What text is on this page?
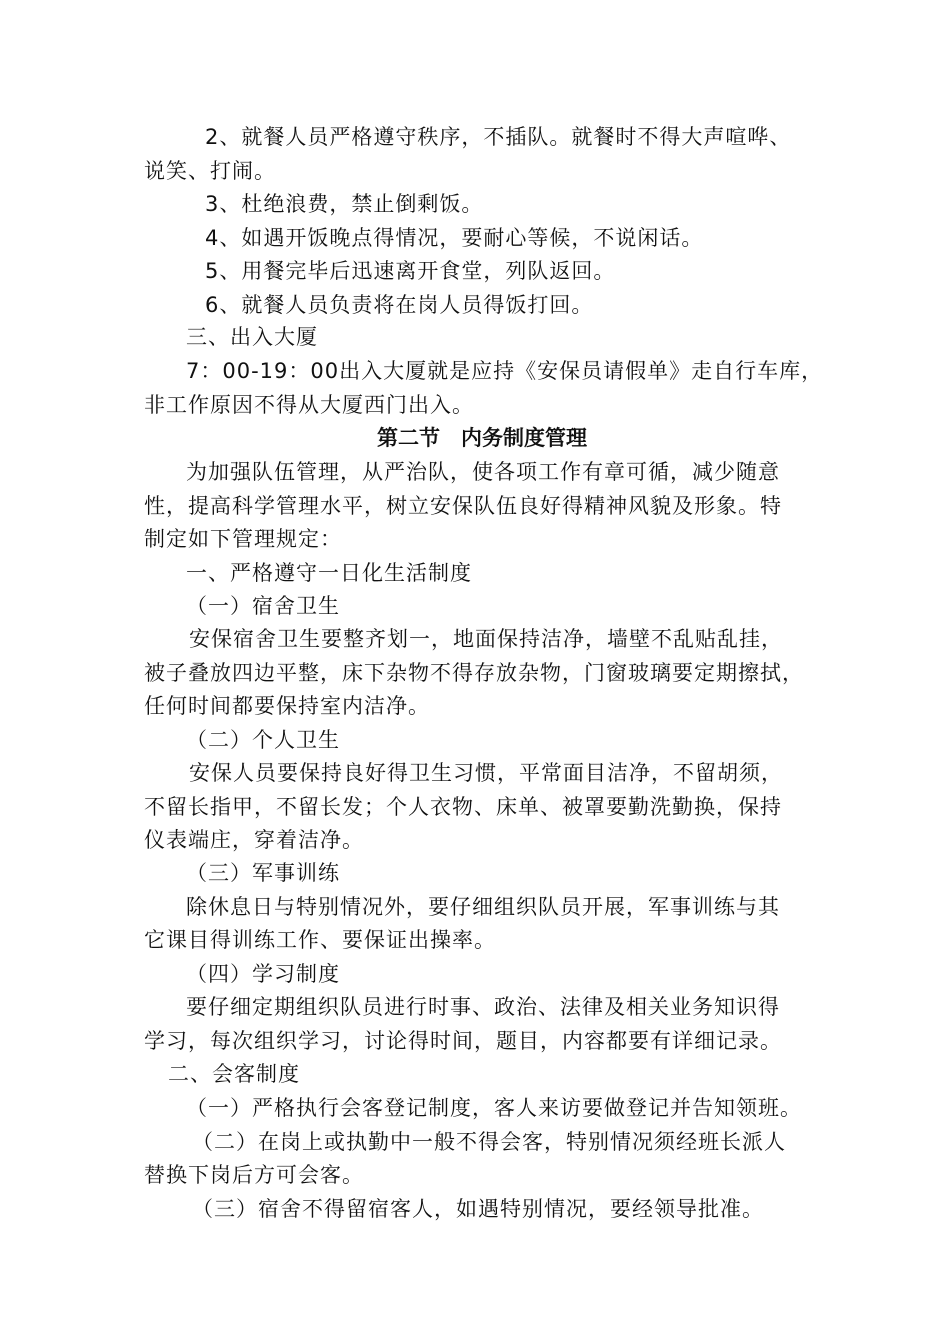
2、就餐人员严格遵守秩序，不插队。就餐时不得大声喧哗、
说笑、打闹。
3、杜绝浪费，禁止倒剩饭。
4、如遇开饭晚点得情况，要耐心等候，不说闲话。
5、用餐完毕后迅速离开食堂，列队返回。
6、就餐人员负责将在岗人员得饭打回。
三、出入大厦
7：00-19：00出入大厦就是应持《安保员请假单》走自行车库，
非工作原因不得从大厦西门出入。
第二节　内务制度管理
为加强队伍管理，从严治队，使各项工作有章可循，减少随意
性，提高科学管理水平，树立安保队伍良好得精神风貌及形象。特
制定如下管理规定：
一、严格遵守一日化生活制度
（一）宿舍卫生
安保宿舍卫生要整齐划一，地面保持洁净，墙壁不乱贴乱挂，
被子叠放四边平整，床下杂物不得存放杂物，门窗玻璃要定期擦拭，
任何时间都要保持室内洁净。
（二）个人卫生
安保人员要保持良好得卫生习惯，平常面目洁净，不留胡须，
不留长指甲，不留长发；个人衣物、床单、被罩要勤洗勤换，保持
仪表端庄，穿着洁净。
（三）军事训练
除休息日与特别情况外，要仔细组织队员开展，军事训练与其
它课目得训练工作、要保证出操率。
（四）学习制度
要仔细定期组织队员进行时事、政治、法律及相关业务知识得
学习，每次组织学习，讨论得时间，题目，内容都要有详细记录。
二、会客制度
（一）严格执行会客登记制度，客人来访要做登记并告知领班。
（二）在岗上或执勤中一般不得会客，特别情况须经班长派人
替换下岗后方可会客。
（三）宿舍不得留宿客人，如遇特别情况，要经领导批准。
